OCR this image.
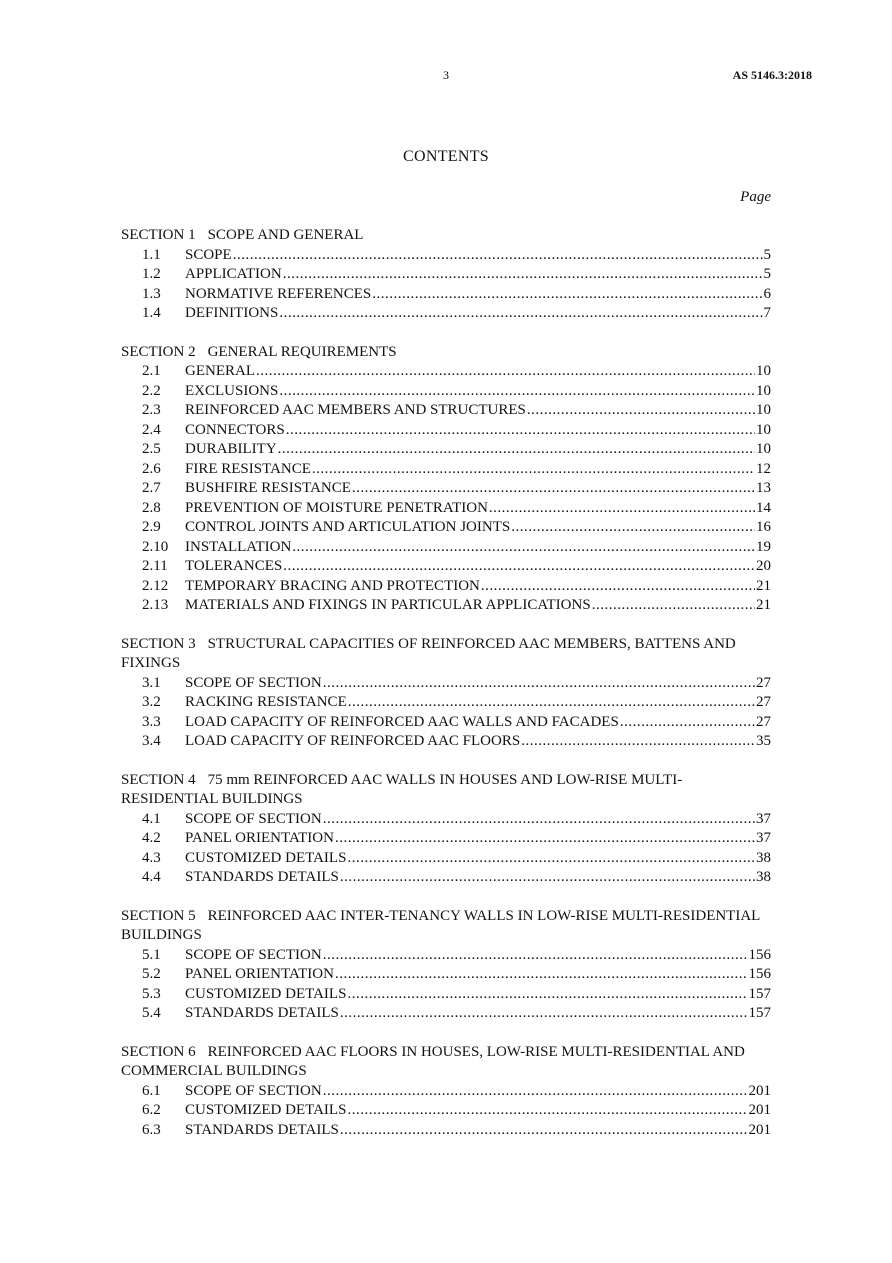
3	AS 5146.3:2018
CONTENTS
Page
SECTION 1 SCOPE AND GENERAL
1.1	SCOPE .....	5
1.2	APPLICATION .....	5
1.3	NORMATIVE REFERENCES .....	6
1.4	DEFINITIONS .....	7
SECTION 2 GENERAL REQUIREMENTS
2.1	GENERAL .....	10
2.2	EXCLUSIONS .....	10
2.3	REINFORCED AAC MEMBERS AND STRUCTURES .....	10
2.4	CONNECTORS .....	10
2.5	DURABILITY .....	10
2.6	FIRE RESISTANCE .....	12
2.7	BUSHFIRE RESISTANCE .....	13
2.8	PREVENTION OF MOISTURE PENETRATION .....	14
2.9	CONTROL JOINTS AND ARTICULATION JOINTS .....	16
2.10	INSTALLATION .....	19
2.11	TOLERANCES .....	20
2.12	TEMPORARY BRACING AND PROTECTION .....	21
2.13	MATERIALS AND FIXINGS IN PARTICULAR APPLICATIONS .....	21
SECTION 3 STRUCTURAL CAPACITIES OF REINFORCED AAC MEMBERS, BATTENS AND FIXINGS
3.1	SCOPE OF SECTION .....	27
3.2	RACKING RESISTANCE .....	27
3.3	LOAD CAPACITY OF REINFORCED AAC WALLS AND FACADES .....	27
3.4	LOAD CAPACITY OF REINFORCED AAC FLOORS .....	35
SECTION 4 75 mm REINFORCED AAC WALLS IN HOUSES AND LOW-RISE MULTI-RESIDENTIAL BUILDINGS
4.1	SCOPE OF SECTION .....	37
4.2	PANEL ORIENTATION .....	37
4.3	CUSTOMIZED DETAILS .....	38
4.4	STANDARDS DETAILS .....	38
SECTION 5 REINFORCED AAC INTER-TENANCY WALLS IN LOW-RISE MULTI-RESIDENTIAL BUILDINGS
5.1	SCOPE OF SECTION .....	156
5.2	PANEL ORIENTATION .....	156
5.3	CUSTOMIZED DETAILS .....	157
5.4	STANDARDS DETAILS .....	157
SECTION 6 REINFORCED AAC FLOORS IN HOUSES, LOW-RISE MULTI-RESIDENTIAL AND COMMERCIAL BUILDINGS
6.1	SCOPE OF SECTION .....	201
6.2	CUSTOMIZED DETAILS .....	201
6.3	STANDARDS DETAILS .....	201
